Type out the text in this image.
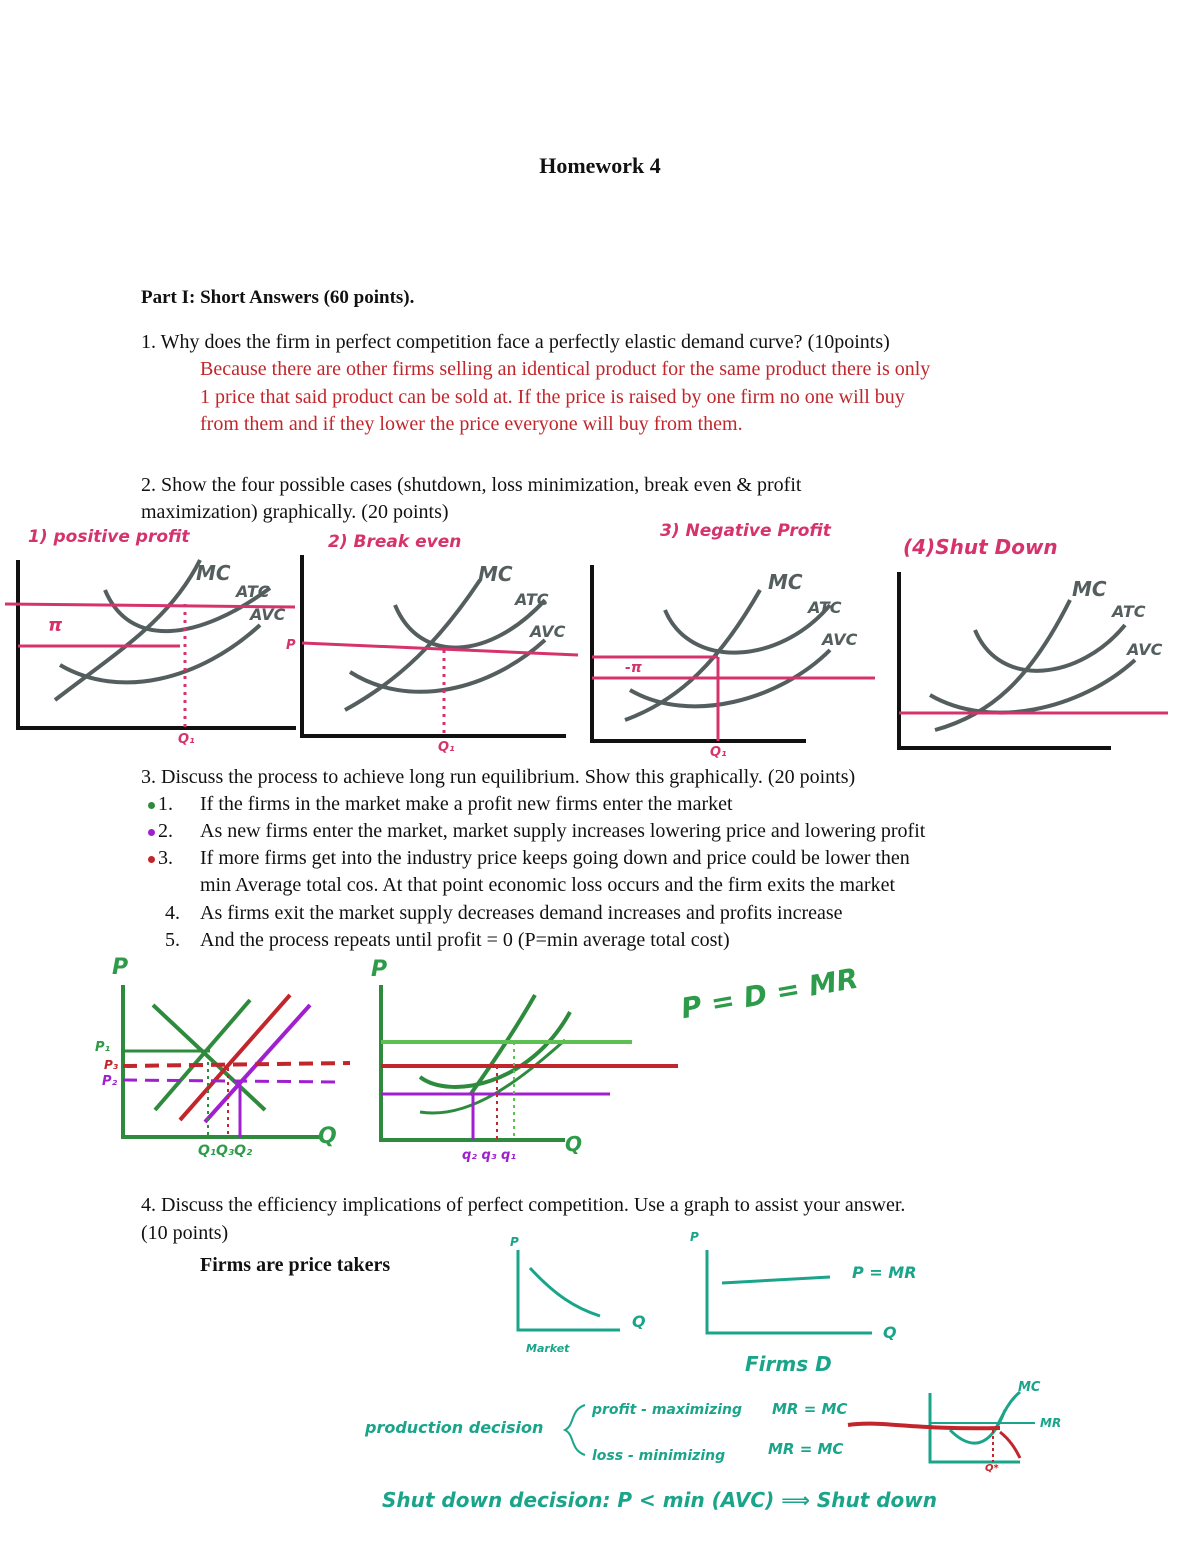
Homework 4
Part I: Short Answers (60 points).
1. Why does the firm in perfect competition face a perfectly elastic demand curve? (10points)
Because there are other firms selling an identical product for the same product there is only
1 price that said product can be sold at. If the price is raised by one firm no one will buy
from them and if they lower the price everyone will buy from them.
2. Show the four possible cases (shutdown, loss minimization, break even & profit
maximization) graphically. (20 points)
1) positive profit
MC
ATC
AVC
π
Q₁
2) Break even
MC
ATC
AVC
P
Q₁
3) Negative Profit
MC
ATC
AVC
-π
Q₁
(4)Shut Down
MC
ATC
AVC
3. Discuss the process to achieve long run equilibrium. Show this graphically. (20 points)
1. If the firms in the market make a profit new firms enter the market
2. As new firms enter the market, market supply increases lowering price and lowering profit
3. If more firms get into the industry price keeps going down and price could be lower then
min Average total cos. At that point economic loss occurs and the firm exits the market
4. As firms exit the market supply decreases demand increases and profits increase
5. And the process repeats until profit = 0 (P=min average total cost)
P
Q
P₁
P₃
P₂
Q₁Q₃Q₂
P
Q
q₂ q₃ q₁
P = D = MR
4. Discuss the efficiency implications of perfect competition. Use a graph to assist your answer.
(10 points)
Firms are price takers
P
Q
Market
P
Q
P = MR
Firms D
production decision
profit - maximizing MR = MC
loss - minimizing	MR = MC
MC
MR
Q*
Shut down decision: P < min (AVC) ⟹ Shut down
